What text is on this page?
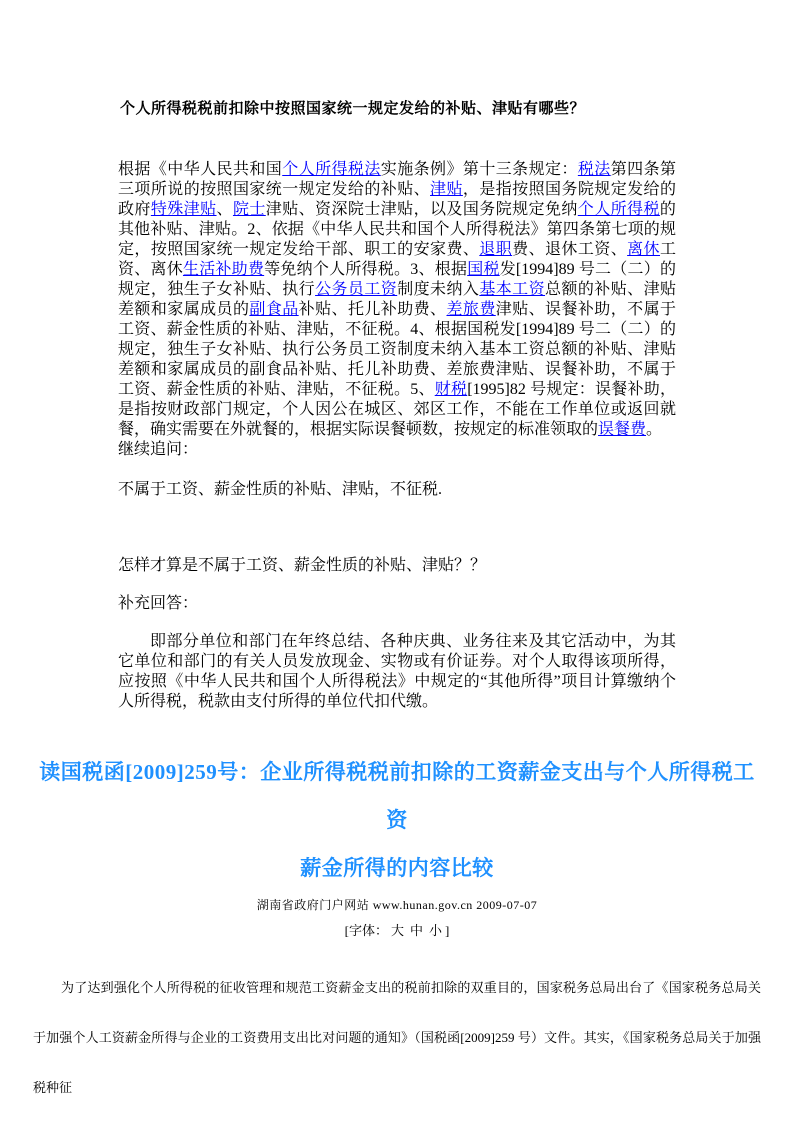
个人所得税税前扣除中按照国家统一规定发给的补贴、津贴有哪些？
根据《中华人民共和国个人所得税法实施条例》第十三条规定：税法第四条第三项所说的按照国家统一规定发给的补贴、津贴，是指按照国务院规定发给的政府特殊津贴、院士津贴、资深院士津贴，以及国务院规定免纳个人所得税的其他补贴、津贴。2、依据《中华人民共和国个人所得税法》第四条第七项的规定，按照国家统一规定发给干部、职工的安家费、退职费、退休工资、离休工资、离休生活补助费等免纳个人所得税。3、根据国税发[1994]89 号二（二）的规定，独生子女补贴、执行公务员工资制度未纳入基本工资总额的补贴、津贴差额和家属成员的副食品补贴、托儿补助费、差旅费津贴、误餐补助，不属于工资、薪金性质的补贴、津贴，不征税。4、根据国税发[1994]89 号二（二）的规定，独生子女补贴、执行公务员工资制度未纳入基本工资总额的补贴、津贴差额和家属成员的副食品补贴、托儿补助费、差旅费津贴、误餐补助，不属于工资、薪金性质的补贴、津贴，不征税。5、财税[1995]82 号规定：误餐补助，是指按财政部门规定，个人因公在城区、郊区工作，不能在工作单位或返回就餐，确实需要在外就餐的，根据实际误餐顿数，按规定的标准领取的误餐费。
继续追问：
不属于工资、薪金性质的补贴、津贴，不征税.
怎样才算是不属于工资、薪金性质的补贴、津贴？？
补充回答：
即部分单位和部门在年终总结、各种庆典、业务往来及其它活动中，为其它单位和部门的有关人员发放现金、实物或有价证券。对个人取得该项所得，应按照《中华人民共和国个人所得税法》中规定的“其他所得”项目计算缴纳个人所得税，税款由支付所得的单位代扣代缴。
读国税函[2009]259号：企业所得税税前扣除的工资薪金支出与个人所得税工资
薪金所得的内容比较
湖南省政府门户网站 www.hunan.gov.cn 2009-07-07
[字体： 大 中 小 ]
为了达到强化个人所得税的征收管理和规范工资薪金支出的税前扣除的双重目的，国家税务总局出台了《国家税务总局关于加强个人工资薪金所得与企业的工资费用支出比对问题的通知》（国税函[2009]259 号）文件。其实，《国家税务总局关于加强税种征
